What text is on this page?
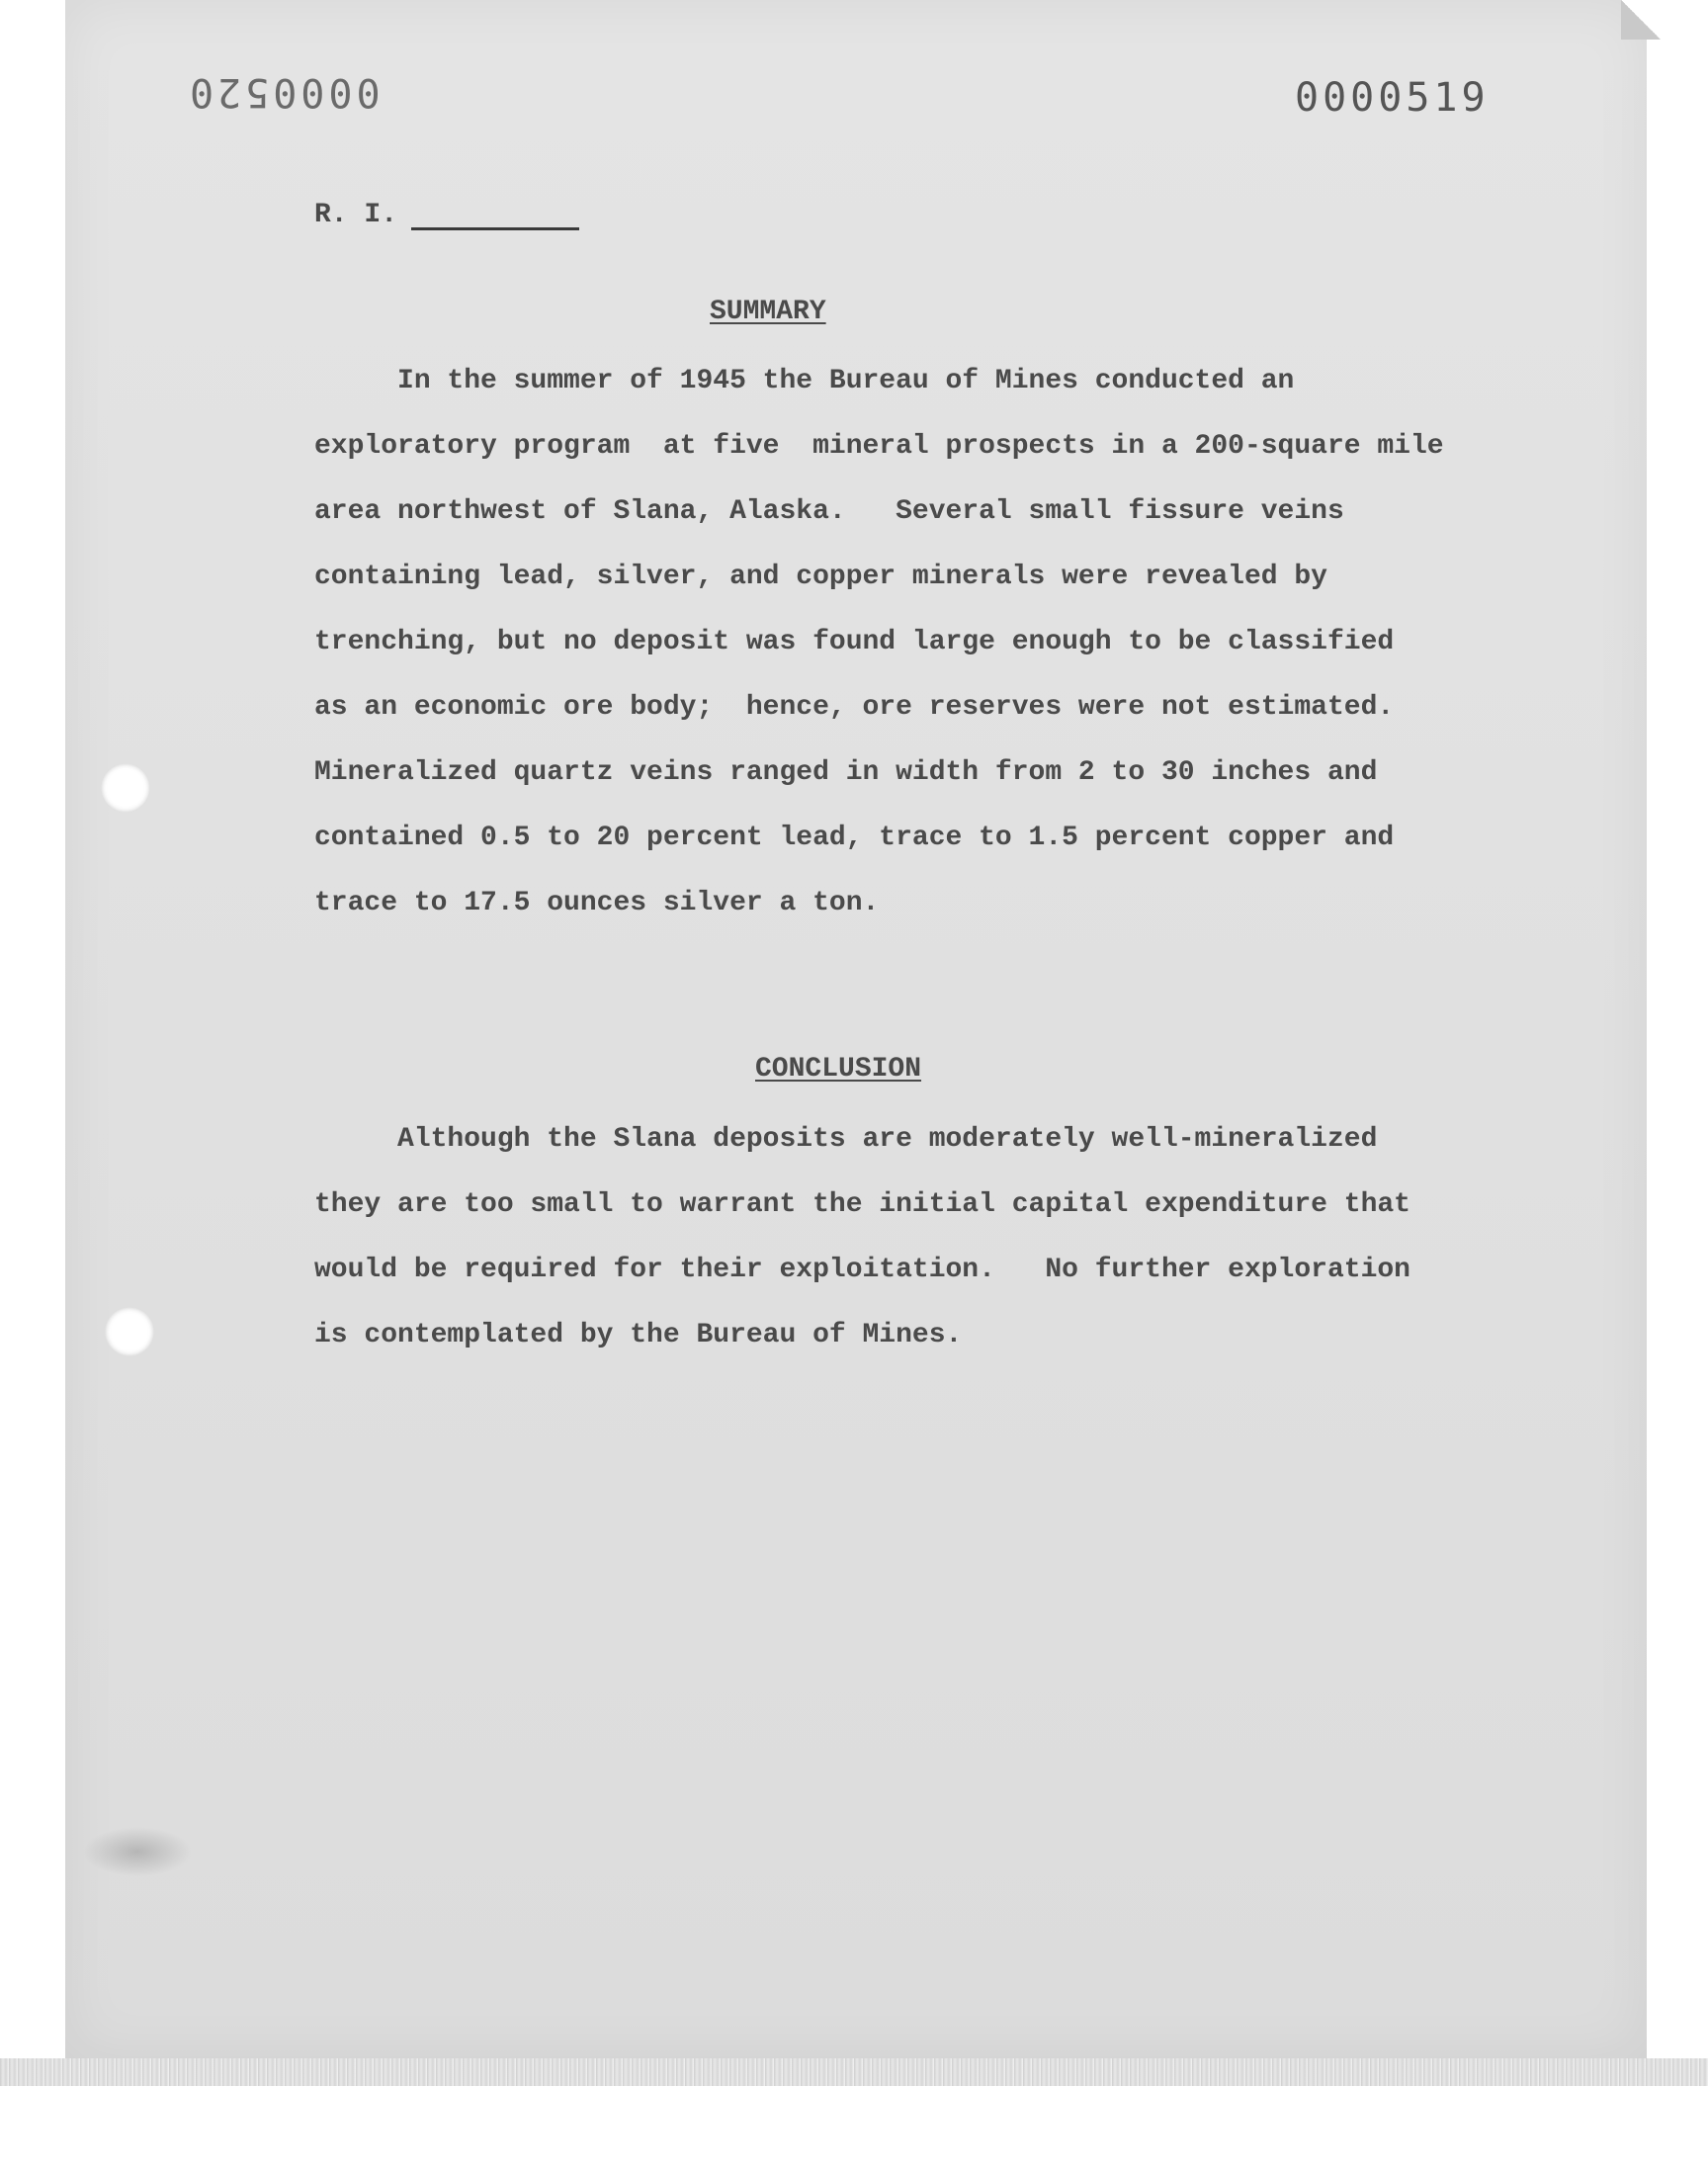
0000520	0000519
R. I.
SUMMARY
In the summer of 1945 the Bureau of Mines conducted an
exploratory program  at five  mineral prospects in a 200-square mile
area northwest of Slana, Alaska.   Several small fissure veins
containing lead, silver, and copper minerals were revealed by
trenching, but no deposit was found large enough to be classified
as an economic ore body;  hence, ore reserves were not estimated.
Mineralized quartz veins ranged in width from 2 to 30 inches and
contained 0.5 to 20 percent lead, trace to 1.5 percent copper and
trace to 17.5 ounces silver a ton.
CONCLUSION
Although the Slana deposits are moderately well-mineralized
they are too small to warrant the initial capital expenditure that
would be required for their exploitation.   No further exploration
is contemplated by the Bureau of Mines.
